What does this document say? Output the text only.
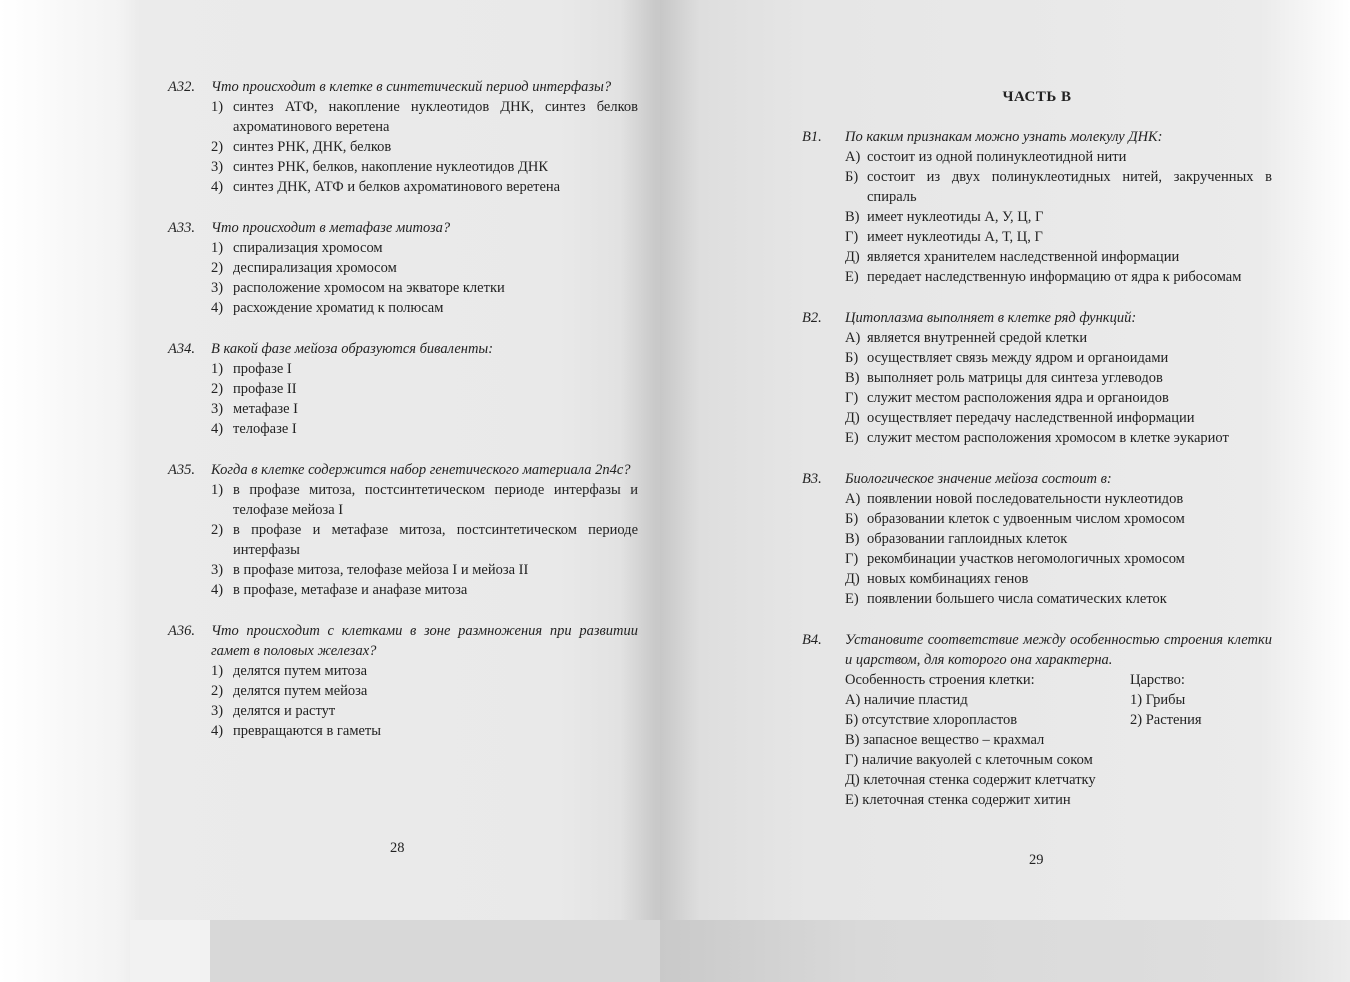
А32. Что происходит в клетке в синтетический период интерфазы?
1) синтез АТФ, накопление нуклеотидов ДНК, синтез белков ахроматинового веретена
2) синтез РНК, ДНК, белков
3) синтез РНК, белков, накопление нуклеотидов ДНК
4) синтез ДНК, АТФ и белков ахроматинового веретена
А33. Что происходит в метафазе митоза?
1) спирализация хромосом
2) деспирализация хромосом
3) расположение хромосом на экваторе клетки
4) расхождение хроматид к полюсам
А34. В какой фазе мейоза образуются биваленты:
1) профазе I
2) профазе II
3) метафазе I
4) телофазе I
А35. Когда в клетке содержится набор генетического материала 2n4c?
1) в профазе митоза, постсинтетическом периоде интерфазы и телофазе мейоза I
2) в профазе и метафазе митоза, постсинтетическом периоде интерфазы
3) в профазе митоза, телофазе мейоза I и мейоза II
4) в профазе, метафазе и анафазе митоза
А36. Что происходит с клетками в зоне размножения при развитии гамет в половых железах?
1) делятся путем митоза
2) делятся путем мейоза
3) делятся и растут
4) превращаются в гаметы
28
ЧАСТЬ В
В1. По каким признакам можно узнать молекулу ДНК:
А) состоит из одной полинуклеотидной нити
Б) состоит из двух полинуклеотидных нитей, закрученных в спираль
В) имеет нуклеотиды А, У, Ц, Г
Г) имеет нуклеотиды А, Т, Ц, Г
Д) является хранителем наследственной информации
Е) передает наследственную информацию от ядра к рибосомам
В2. Цитоплазма выполняет в клетке ряд функций:
А) является внутренней средой клетки
Б) осуществляет связь между ядром и органоидами
В) выполняет роль матрицы для синтеза углеводов
Г) служит местом расположения ядра и органоидов
Д) осуществляет передачу наследственной информации
Е) служит местом расположения хромосом в клетке эукариот
В3. Биологическое значение мейоза состоит в:
А) появлении новой последовательности нуклеотидов
Б) образовании клеток с удвоенным числом хромосом
В) образовании гаплоидных клеток
Г) рекомбинации участков негомологичных хромосом
Д) новых комбинациях генов
Е) появлении большего числа соматических клеток
В4. Установите соответствие между особенностью строения клетки и царством, для которого она характерна.
Особенность строения клетки:	Царство:
А) наличие пластид	1) Грибы
Б) отсутствие хлоропластов	2) Растения
В) запасное вещество – крахмал
Г) наличие вакуолей с клеточным соком
Д) клеточная стенка содержит клетчатку
Е) клеточная стенка содержит хитин
29
